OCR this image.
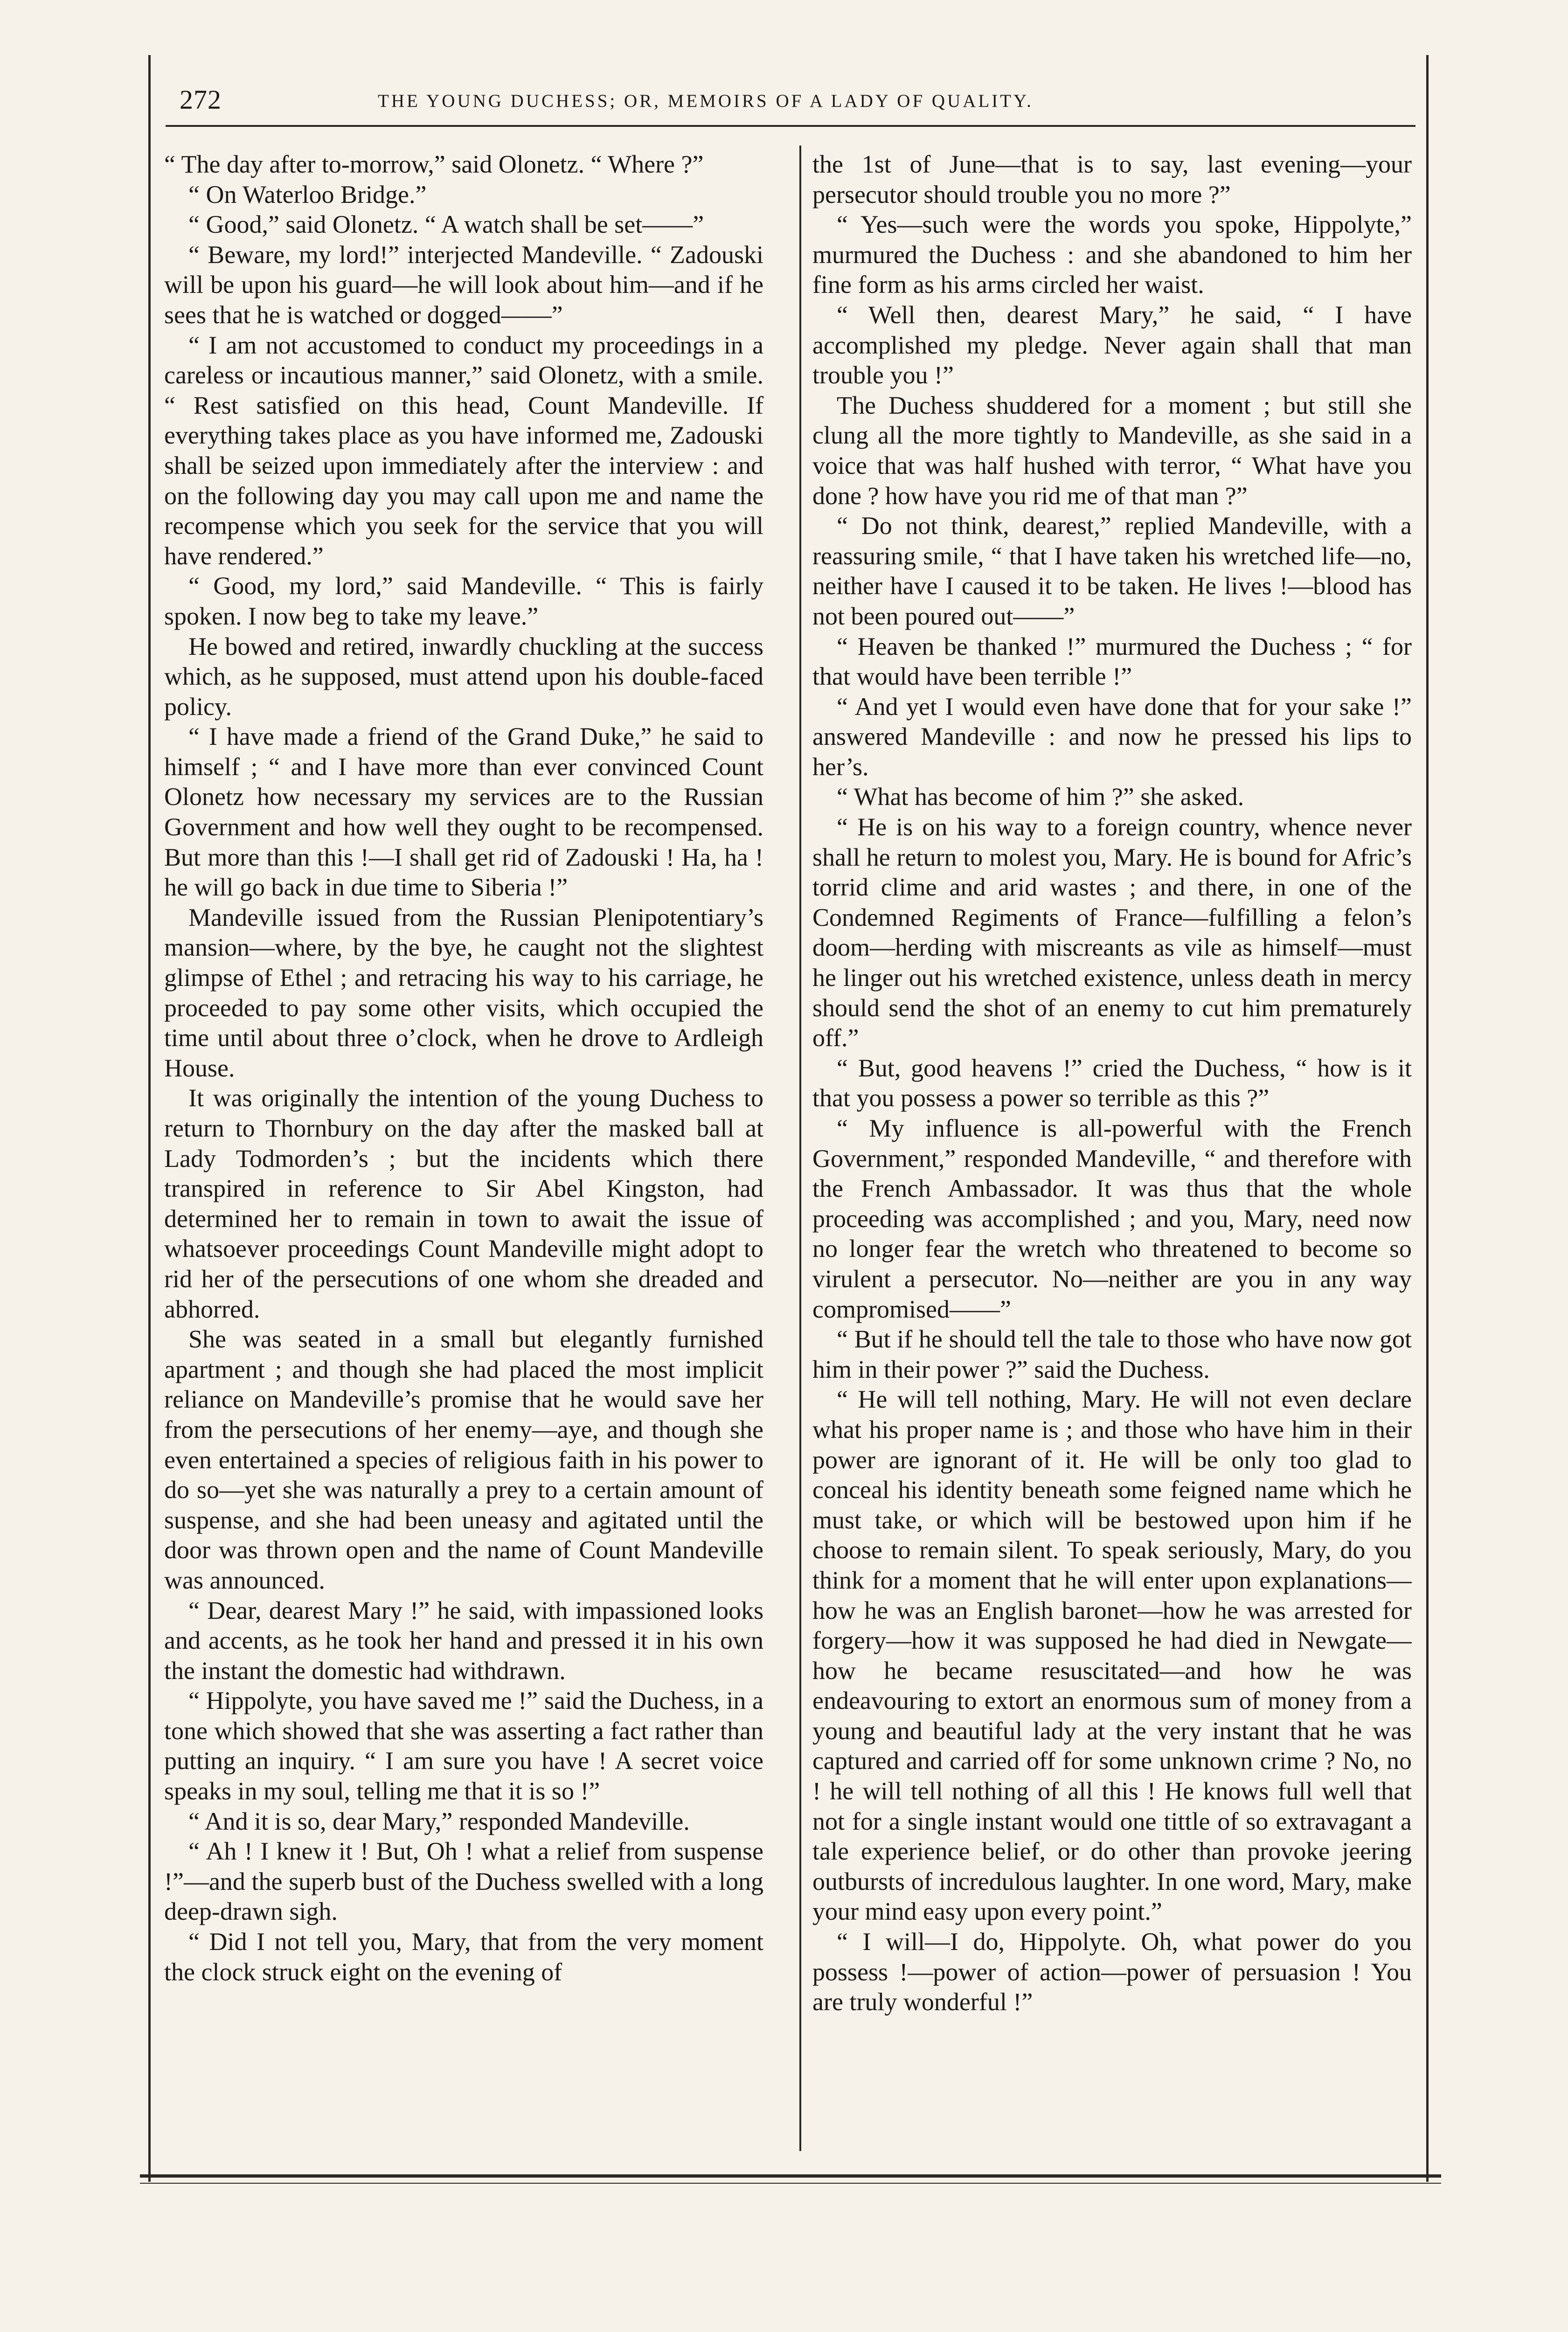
272	THE YOUNG DUCHESS; OR, MEMOIRS OF A LADY OF QUALITY.

“ The day after to-morrow,” said Olonetz. “ Where ?”

“ On Waterloo Bridge.”

“ Good,” said Olonetz. “ A watch shall be set——”

“ Beware, my lord!” interjected Mandeville. “ Zadouski will be upon his guard—he will look about him—and if he sees that he is watched or dogged——”

“ I am not accustomed to conduct my proceedings in a careless or incautious manner,” said Olonetz, with a smile. “ Rest satisfied on this head, Count Mandeville. If everything takes place as you have informed me, Zadouski shall be seized upon immediately after the interview : and on the following day you may call upon me and name the recompense which you seek for the service that you will have rendered.”

“ Good, my lord,” said Mandeville. “ This is fairly spoken. I now beg to take my leave.”

He bowed and retired, inwardly chuckling at the success which, as he supposed, must attend upon his double-faced policy.

“ I have made a friend of the Grand Duke,” he said to himself ; “ and I have more than ever convinced Count Olonetz how necessary my services are to the Russian Government and how well they ought to be recompensed. But more than this !—I shall get rid of Zadouski ! Ha, ha ! he will go back in due time to Siberia !”

Mandeville issued from the Russian Plenipotentiary’s mansion—where, by the bye, he caught not the slightest glimpse of Ethel ; and retracing his way to his carriage, he proceeded to pay some other visits, which occupied the time until about three o’clock, when he drove to Ardleigh House.

It was originally the intention of the young Duchess to return to Thornbury on the day after the masked ball at Lady Todmorden’s ; but the incidents which there transpired in reference to Sir Abel Kingston, had determined her to remain in town to await the issue of whatsoever proceedings Count Mandeville might adopt to rid her of the persecutions of one whom she dreaded and abhorred.

She was seated in a small but elegantly furnished apartment ; and though she had placed the most implicit reliance on Mandeville’s promise that he would save her from the persecutions of her enemy—aye, and though she even entertained a species of religious faith in his power to do so—yet she was naturally a prey to a certain amount of suspense, and she had been uneasy and agitated until the door was thrown open and the name of Count Mandeville was announced.

“ Dear, dearest Mary !” he said, with impassioned looks and accents, as he took her hand and pressed it in his own the instant the domestic had withdrawn.

“ Hippolyte, you have saved me !” said the Duchess, in a tone which showed that she was asserting a fact rather than putting an inquiry. “ I am sure you have ! A secret voice speaks in my soul, telling me that it is so !”

“ And it is so, dear Mary,” responded Mandeville.

“ Ah ! I knew it ! But, Oh ! what a relief from suspense !”—and the superb bust of the Duchess swelled with a long deep-drawn sigh.

“ Did I not tell you, Mary, that from the very moment the clock struck eight on the evening of

the 1st of June—that is to say, last evening—your persecutor should trouble you no more ?”

“ Yes—such were the words you spoke, Hippolyte,” murmured the Duchess : and she abandoned to him her fine form as his arms circled her waist.

“ Well then, dearest Mary,” he said, “ I have accomplished my pledge. Never again shall that man trouble you !”

The Duchess shuddered for a moment ; but still she clung all the more tightly to Mandeville, as she said in a voice that was half hushed with terror, “ What have you done ? how have you rid me of that man ?”

“ Do not think, dearest,” replied Mandeville, with a reassuring smile, “ that I have taken his wretched life—no, neither have I caused it to be taken. He lives !—blood has not been poured out——”

“ Heaven be thanked !” murmured the Duchess ; “ for that would have been terrible !”

“ And yet I would even have done that for your sake !” answered Mandeville : and now he pressed his lips to her’s.

“ What has become of him ?” she asked.

“ He is on his way to a foreign country, whence never shall he return to molest you, Mary. He is bound for Afric’s torrid clime and arid wastes ; and there, in one of the Condemned Regiments of France—fulfilling a felon’s doom—herding with miscreants as vile as himself—must he linger out his wretched existence, unless death in mercy should send the shot of an enemy to cut him prematurely off.”

“ But, good heavens !” cried the Duchess, “ how is it that you possess a power so terrible as this ?”

“ My influence is all-powerful with the French Government,” responded Mandeville, “ and therefore with the French Ambassador. It was thus that the whole proceeding was accomplished ; and you, Mary, need now no longer fear the wretch who threatened to become so virulent a persecutor. No—neither are you in any way compromised——”

“ But if he should tell the tale to those who have now got him in their power ?” said the Duchess.

“ He will tell nothing, Mary. He will not even declare what his proper name is ; and those who have him in their power are ignorant of it. He will be only too glad to conceal his identity beneath some feigned name which he must take, or which will be bestowed upon him if he choose to remain silent. To speak seriously, Mary, do you think for a moment that he will enter upon explanations—how he was an English baronet—how he was arrested for forgery—how it was supposed he had died in Newgate—how he became resuscitated—and how he was endeavouring to extort an enormous sum of money from a young and beautiful lady at the very instant that he was captured and carried off for some unknown crime ? No, no ! he will tell nothing of all this ! He knows full well that not for a single instant would one tittle of so extravagant a tale experience belief, or do other than provoke jeering outbursts of incredulous laughter. In one word, Mary, make your mind easy upon every point.”

“ I will—I do, Hippolyte. Oh, what power do you possess !—power of action—power of persuasion ! You are truly wonderful !”
